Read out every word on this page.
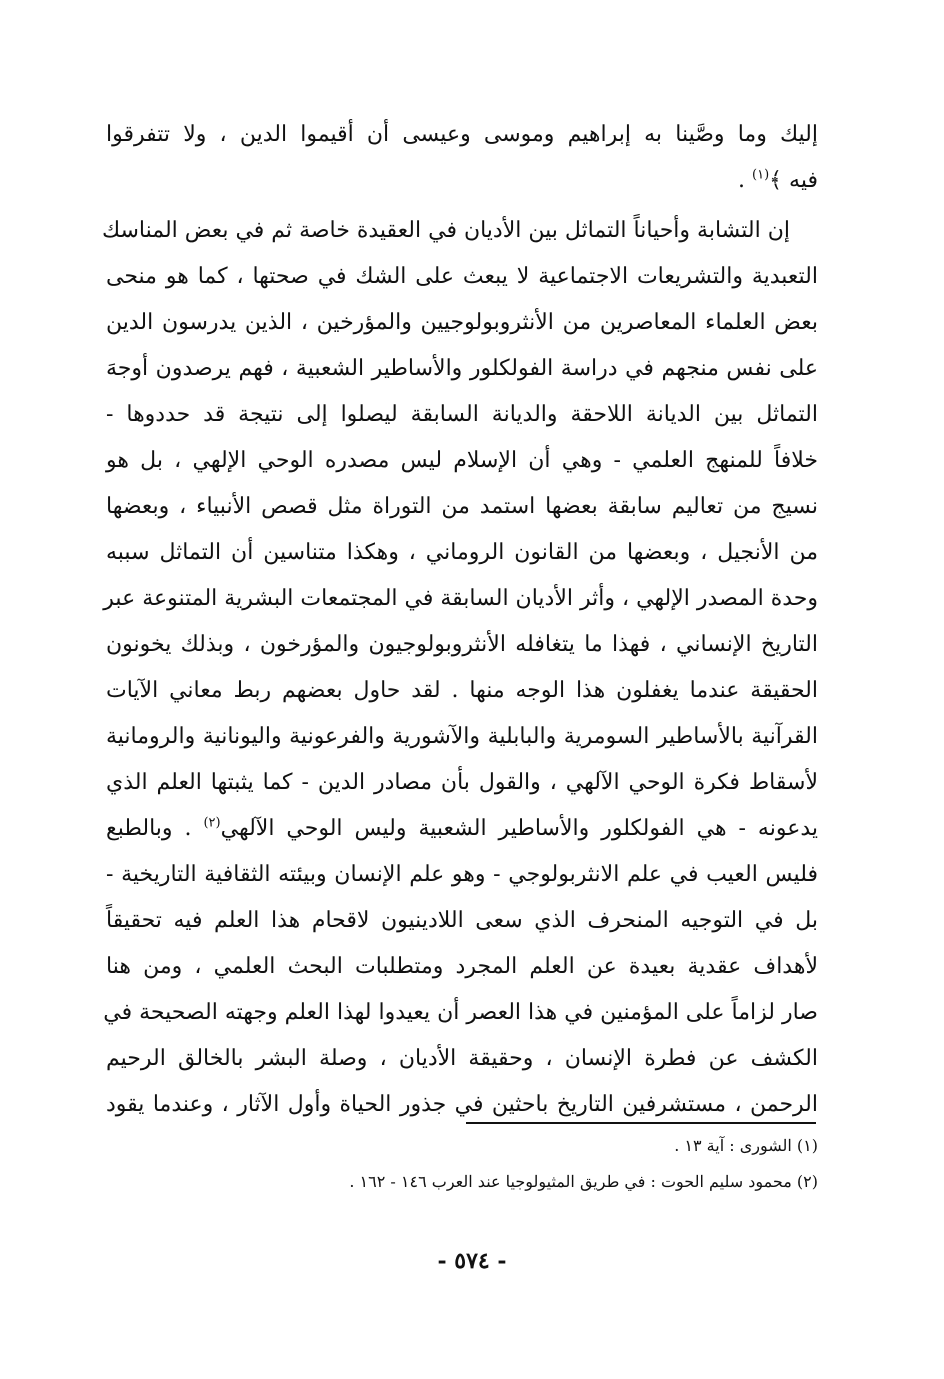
إليك وما وصَّينا به إبراهيم وموسى وعيسى أن أقيموا الدين ، ولا تتفرقوا
فيه ﴾$^{(١)}$ .
إن التشابة وأحياناً التماثل بين الأديان في العقيدة خاصة ثم في بعض المناسك
التعبدية والتشريعات الاجتماعية لا يبعث على الشك في صحتها ، كما هو منحى
بعض العلماء المعاصرين من الأنثروبولوجيين والمؤرخين ، الذين يدرسون الدين
على نفس منجهم في دراسة الفولكلور والأساطير الشعبية ، فهم يرصدون أوجهَ
التماثل بين الديانة اللاحقة والديانة السابقة ليصلوا إلى نتيجة قد حددوها -
خلافاً للمنهج العلمي - وهي أن الإسلام ليس مصدره الوحي الإلهي ، بل هو
نسيج من تعاليم سابقة بعضها استمد من التوراة مثل قصص الأنبياء ، وبعضها
من الأنجيل ، وبعضها من القانون الروماني ، وهكذا متناسين أن التماثل سببه
وحدة المصدر الإلهي ، وأثر الأديان السابقة في المجتمعات البشرية المتنوعة عبر
التاريخ الإنساني ، فهذا ما يتغافله الأنثروبولوجيون والمؤرخون ، وبذلك يخونون
الحقيقة عندما يغفلون هذا الوجه منها . لقد حاول بعضهم ربط معاني الآيات
القرآنية بالأساطير السومرية والبابلية والآشورية والفرعونية واليونانية والرومانية
لأسقاط فكرة الوحي الآلهي ، والقول بأن مصادر الدين - كما يثبتها العلم الذي
يدعونه - هي الفولكلور والأساطير الشعبية وليس الوحي الآلهي$^{(٢)}$ . وبالطبع
فليس العيب في علم الانثربولوجي - وهو علم الإنسان وبيئته الثقافية التاريخية -
بل في التوجيه المنحرف الذي سعى اللادينيون لاقحام هذا العلم فيه تحقيقاً
لأهداف عقدية بعيدة عن العلم المجرد ومتطلبات البحث العلمي ، ومن هنا
صار لزاماً على المؤمنين في هذا العصر أن يعيدوا لهذا العلم وجهته الصحيحة في
الكشف عن فطرة الإنسان ، وحقيقة الأديان ، وصلة البشر بالخالق الرحيم
الرحمن ، مستشرفين التاريخ باحثين في جذور الحياة وأول الآثار ، وعندما يقود
(١) الشورى : آية ١٣ .
(٢) محمود سليم الحوت : في طريق المثيولوجيا عند العرب ١٤٦ - ١٦٢ .
- ٥٧٤ -
